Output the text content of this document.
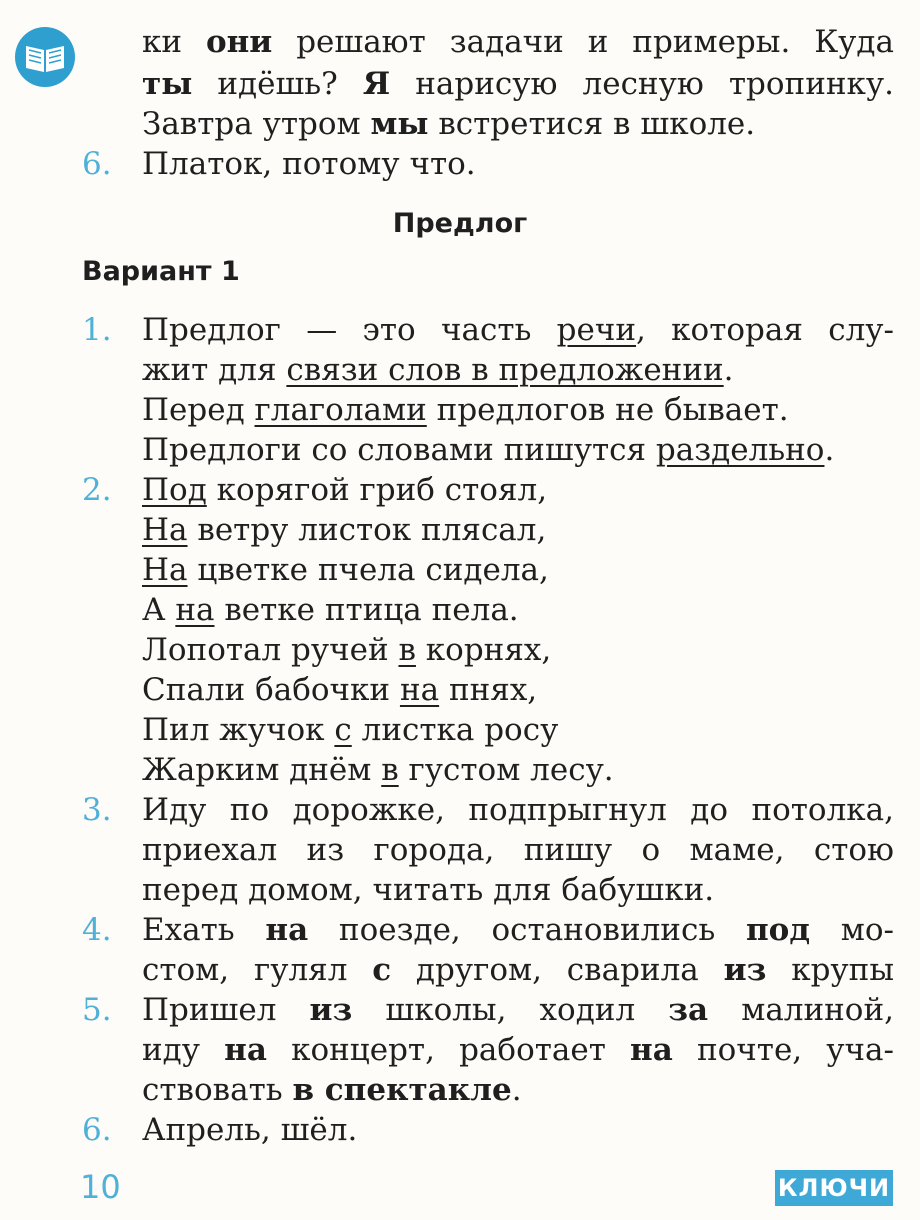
ки они решают задачи и примеры. Куда
ты идёшь? Я нарисую лесную тропинку.
Завтра утром мы встретися в школе.
6. Платок, потому что.
Предлог
Вариант 1
1. Предлог — это часть речи, которая слу-
жит для связи слов в предложении.
Перед глаголами предлогов не бывает.
Предлоги со словами пишутся раздельно.
2. Под корягой гриб стоял,
На ветру листок плясал,
На цветке пчела сидела,
А на ветке птица пела.
Лопотал ручей в корнях,
Спали бабочки на пнях,
Пил жучок с листка росу
Жарким днём в густом лесу.
3. Иду по дорожке, подпрыгнул до потолка,
приехал из города, пишу о маме, стою
перед домом, читать для бабушки.
4. Ехать на поезде, остановились под мо-
стом, гулял с другом, сварила из крупы
5. Пришел из школы, ходил за малиной,
иду на концерт, работает на почте, уча-
ствовать в спектакле.
6. Апрель, шёл.
10	КЛЮЧИ
